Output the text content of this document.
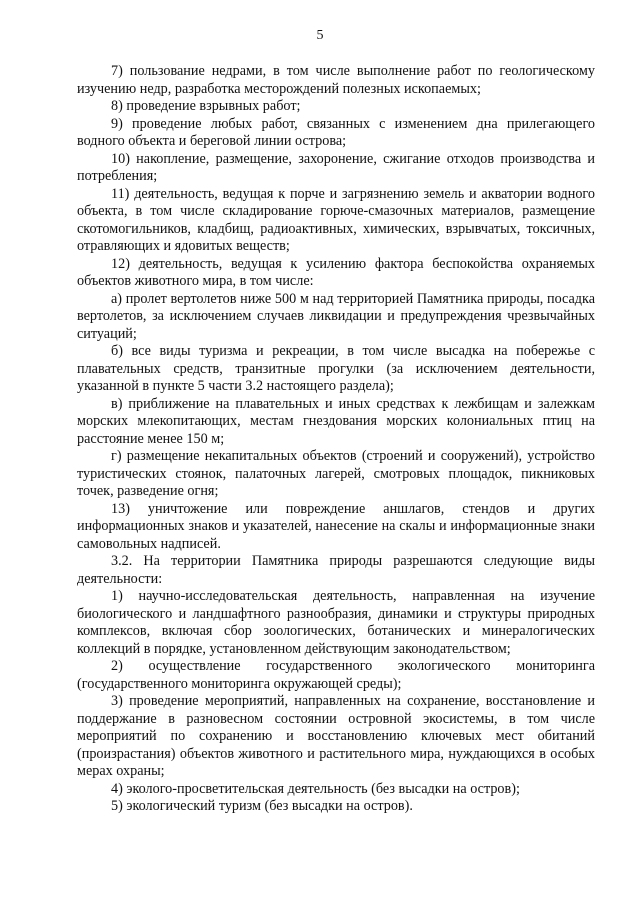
5

7) пользование недрами, в том числе выполнение работ по геологическому изучению недр, разработка месторождений полезных ископаемых;

8) проведение взрывных работ;

9) проведение любых работ, связанных с изменением дна прилегающего водного объекта и береговой линии острова;

10) накопление, размещение, захоронение, сжигание отходов производства и потребления;

11) деятельность, ведущая к порче и загрязнению земель и акватории водного объекта, в том числе складирование горюче-смазочных материалов, размещение скотомогильников, кладбищ, радиоактивных, химических, взрывчатых, токсичных, отравляющих и ядовитых веществ;

12) деятельность, ведущая к усилению фактора беспокойства охраняемых объектов животного мира, в том числе:

а) пролет вертолетов ниже 500 м над территорией Памятника природы, посадка вертолетов, за исключением случаев ликвидации и предупреждения чрезвычайных ситуаций;

б) все виды туризма и рекреации, в том числе высадка на побережье с плавательных средств, транзитные прогулки (за исключением деятельности, указанной в пункте 5 части 3.2 настоящего раздела);

в) приближение на плавательных и иных средствах к лежбищам и залежкам морских млекопитающих, местам гнездования морских колониальных птиц на расстояние менее 150 м;

г) размещение некапитальных объектов (строений и сооружений), устройство туристических стоянок, палаточных лагерей, смотровых площадок, пикниковых точек, разведение огня;

13) уничтожение или повреждение аншлагов, стендов и других информационных знаков и указателей, нанесение на скалы и информационные знаки самовольных надписей.

3.2. На территории Памятника природы разрешаются следующие виды деятельности:

1) научно-исследовательская деятельность, направленная на изучение биологического и ландшафтного разнообразия, динамики и структуры природных комплексов, включая сбор зоологических, ботанических и минералогических коллекций в порядке, установленном действующим законодательством;

2) осуществление государственного экологического мониторинга (государственного мониторинга окружающей среды);

3) проведение мероприятий, направленных на сохранение, восстановление и поддержание в разновесном состоянии островной экосистемы, в том числе мероприятий по сохранению и восстановлению ключевых мест обитаний (произрастания) объектов животного и растительного мира, нуждающихся в особых мерах охраны;

4) эколого-просветительская деятельность (без высадки на остров);

5) экологический туризм (без высадки на остров).
